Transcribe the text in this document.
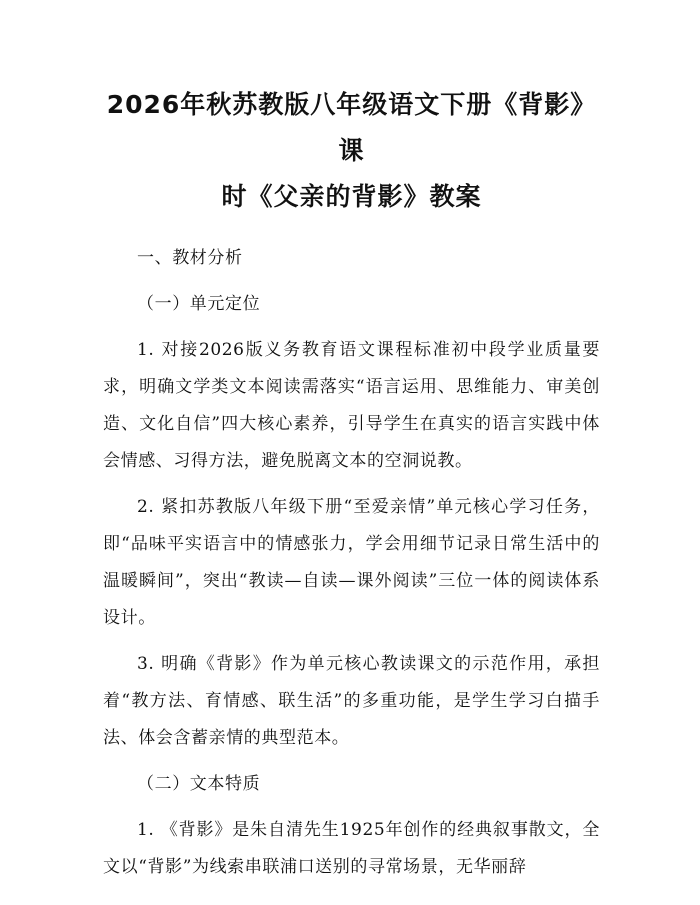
2026年秋苏教版八年级语文下册《背影》课
时《父亲的背影》教案

一、教材分析

（一）单元定位

1. 对接2026版义务教育语文课程标准初中段学业质量要求，明确文学类文本阅读需落实“语言运用、思维能力、审美创造、文化自信”四大核心素养，引导学生在真实的语言实践中体会情感、习得方法，避免脱离文本的空洞说教。

2. 紧扣苏教版八年级下册“至爱亲情”单元核心学习任务，即“品味平实语言中的情感张力，学会用细节记录日常生活中的温暖瞬间”，突出“教读—自读—课外阅读”三位一体的阅读体系设计。

3. 明确《背影》作为单元核心教读课文的示范作用，承担着“教方法、育情感、联生活”的多重功能，是学生学习白描手法、体会含蓄亲情的典型范本。

（二）文本特质

1. 《背影》是朱自清先生1925年创作的经典叙事散文，全文以“背影”为线索串联浦口送别的寻常场景，无华丽辞
